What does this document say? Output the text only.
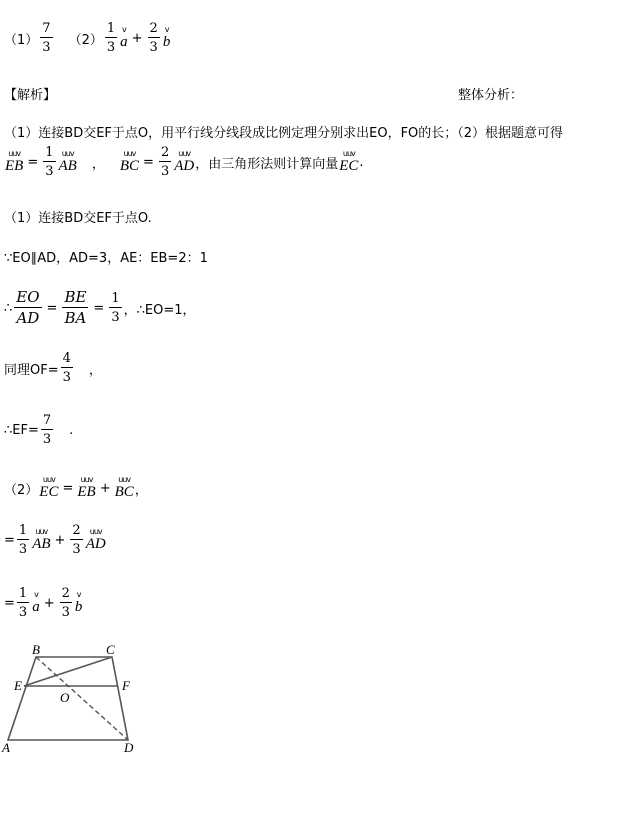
$(1) \frac{7}{3} (2) \frac{1}{3}$ v
$a + \frac{2}{3}$ v
b
【解析】	整体分析：
（1）连接BD交EF于点O，用平行线分线段成比例定理分别求出EO，FO的长；（2）根据题意可得
uuv
EB = $\frac{1}{3}$ uuv
AB ，
uuv
BC = $\frac{2}{3}$ uuv
AD ，由三角形法则计算向量
uuv
EC .
（1）连接BD交EF于点O.
∵EO∥AD，AD=3，AE：EB=2：1
∴ $\frac{EO}{AD} = \frac{BE}{BA} = \frac{1}{3}$ ，∴EO=1，
同理$OF= \frac{4}{3}$ ，
∴EF= $\frac{7}{3}$ .
（2）
uuv
EC =
uuv
EB +
uuv
BC ，
= $\frac{1}{3}$ uuv
AB + $\frac{2}{3}$ uuv
AD
= $\frac{1}{3}$ v
$a + \frac{2}{3}$ v
b
B	C
E
O
F
A	D
